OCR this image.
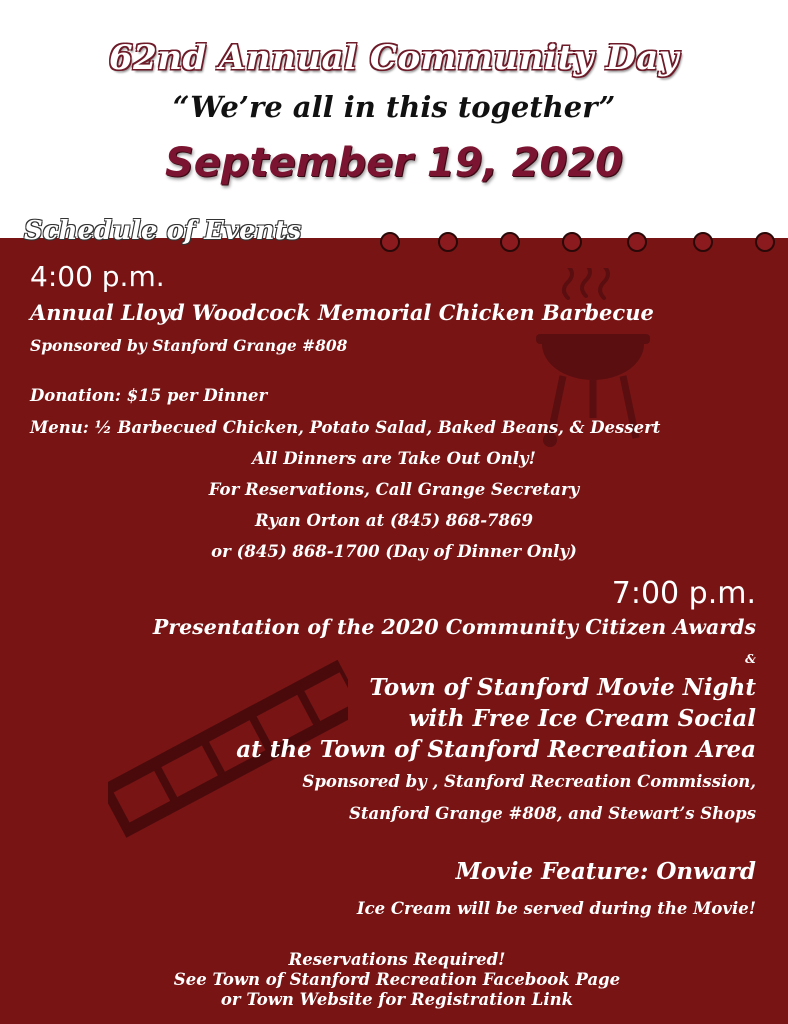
62nd Annual Community Day
“We’re all in this together”
September 19, 2020
Schedule of Events
4:00 p.m.
Annual Lloyd Woodcock Memorial Chicken Barbecue
Sponsored by Stanford Grange #808
Donation: $15 per Dinner
Menu: ½ Barbecued Chicken, Potato Salad, Baked Beans, & Dessert
All Dinners are Take Out Only!
For Reservations, Call Grange Secretary
Ryan Orton at (845) 868-7869
or (845) 868-1700 (Day of Dinner Only)
7:00 p.m.
Presentation of the 2020 Community Citizen Awards
&
Town of Stanford Movie Night
with Free Ice Cream Social
at the Town of Stanford Recreation Area
Sponsored by , Stanford Recreation Commission,
Stanford Grange #808, and Stewart’s Shops
Movie Feature: Onward
Ice Cream will be served during the Movie!
Reservations Required!
See Town of Stanford Recreation Facebook Page
or Town Website for Registration Link
